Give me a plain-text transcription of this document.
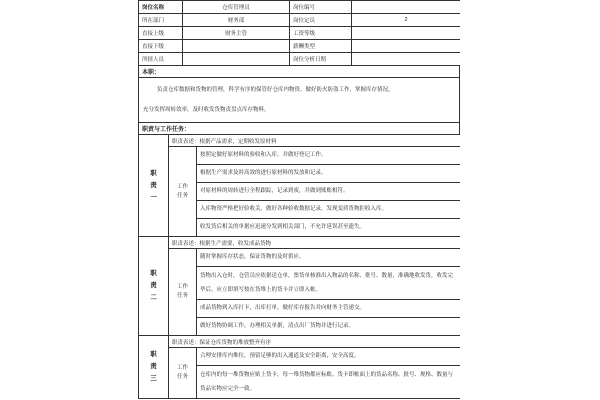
岗位名称	仓库管理员	岗位编号	
所在部门	财务部	岗位定员	2
直接上级	财务主管	工资等级	
直接下级		薪酬类型	
所辖人员		岗位分析日期	
本职：

负责仓库数据和货物的管理，科学有序的保管好仓库内物资，做好防火防盗工作，掌握库存情况，

充分发挥周转效率，及时收发货物责盘点库存物料。

职责与工作任务：
职
责
一	职责表述：根据产品需求，定期收发原材料	

	工作
任务	按照定做好原材料的验收和入库，并做好登记工作。
		根据生产需求及时高效的进行原材料的发放和记录。
		对原材料的周转进行全程跟踪，记录到废，并做到账账相符。
		入库物资严格把好验收关，做好各种验收数据记录，发现变质货物拒收入库。
		收发货后相关的单据应迅速分发到相关部门，不允许延误甚至遗失。

职
责
二	职责表述：根据生产需要，收发成品货物	

	工作
任务	随时掌握库存状态，保证货物的及时供应。
		货物出入仓时，仓管员应依据送仓单，票货单核准出入物品的名称、批号、数量，准确地收发货，收发完毕后，应立即填写按在货堆上的货卡并立即入帐。
		成品货物到入库打卡，出库打单，做好库存报告并向财务主管递交。
		做好货物协调工作，办理相关单据，清点出厂货物并进行记录。

职
责
三	职责表述：保证仓库货物的堆放整齐有序	

	工作
任务	合理安排库内堆位，预留足够的出入通道及安全距离，安全高度。
		仓库内的每一堆货物应贴上货卡，每一堆货物都应标账。货卡即帐面上的货品名称、批号、规格、数量与货品实物应完全一致。
